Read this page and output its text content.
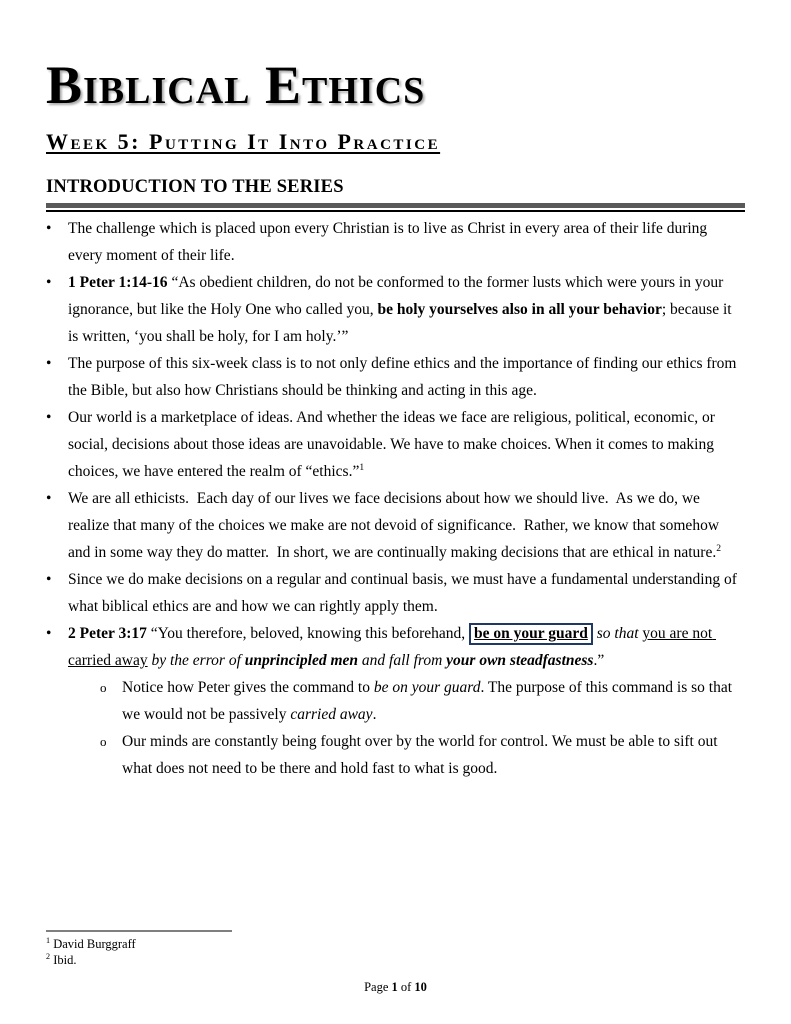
Biblical Ethics
Week 5: Putting It Into Practice
INTRODUCTION TO THE SERIES
•	The challenge which is placed upon every Christian is to live as Christ in every area of their life during every moment of their life.
•	1 Peter 1:14-16 “As obedient children, do not be conformed to the former lusts which were yours in your ignorance, but like the Holy One who called you, be holy yourselves also in all your behavior; because it is written, ‘you shall be holy, for I am holy.’”
•	The purpose of this six-week class is to not only define ethics and the importance of finding our ethics from the Bible, but also how Christians should be thinking and acting in this age.
•	Our world is a marketplace of ideas. And whether the ideas we face are religious, political, economic, or social, decisions about those ideas are unavoidable. We have to make choices. When it comes to making choices, we have entered the realm of “ethics.”$^1$
•	We are all ethicists.  Each day of our lives we face decisions about how we should live.  As we do, we realize that many of the choices we make are not devoid of significance.  Rather, we know that somehow and in some way they do matter.  In short, we are continually making decisions that are ethical in nature.$^2$
•	Since we do make decisions on a regular and continual basis, we must have a fundamental understanding of what biblical ethics are and how we can rightly apply them.
•	2 Peter 3:17 “You therefore, beloved, knowing this beforehand, be on your guard so that you are not carried away by the error of unprincipled men and fall from your own steadfastness.”
o	Notice how Peter gives the command to be on your guard. The purpose of this command is so that we would not be passively carried away.
o	Our minds are constantly being fought over by the world for control. We must be able to sift out what does not need to be there and hold fast to what is good.
$^1$ David Burggraff
$^2$ Ibid.
Page 1 of 10
